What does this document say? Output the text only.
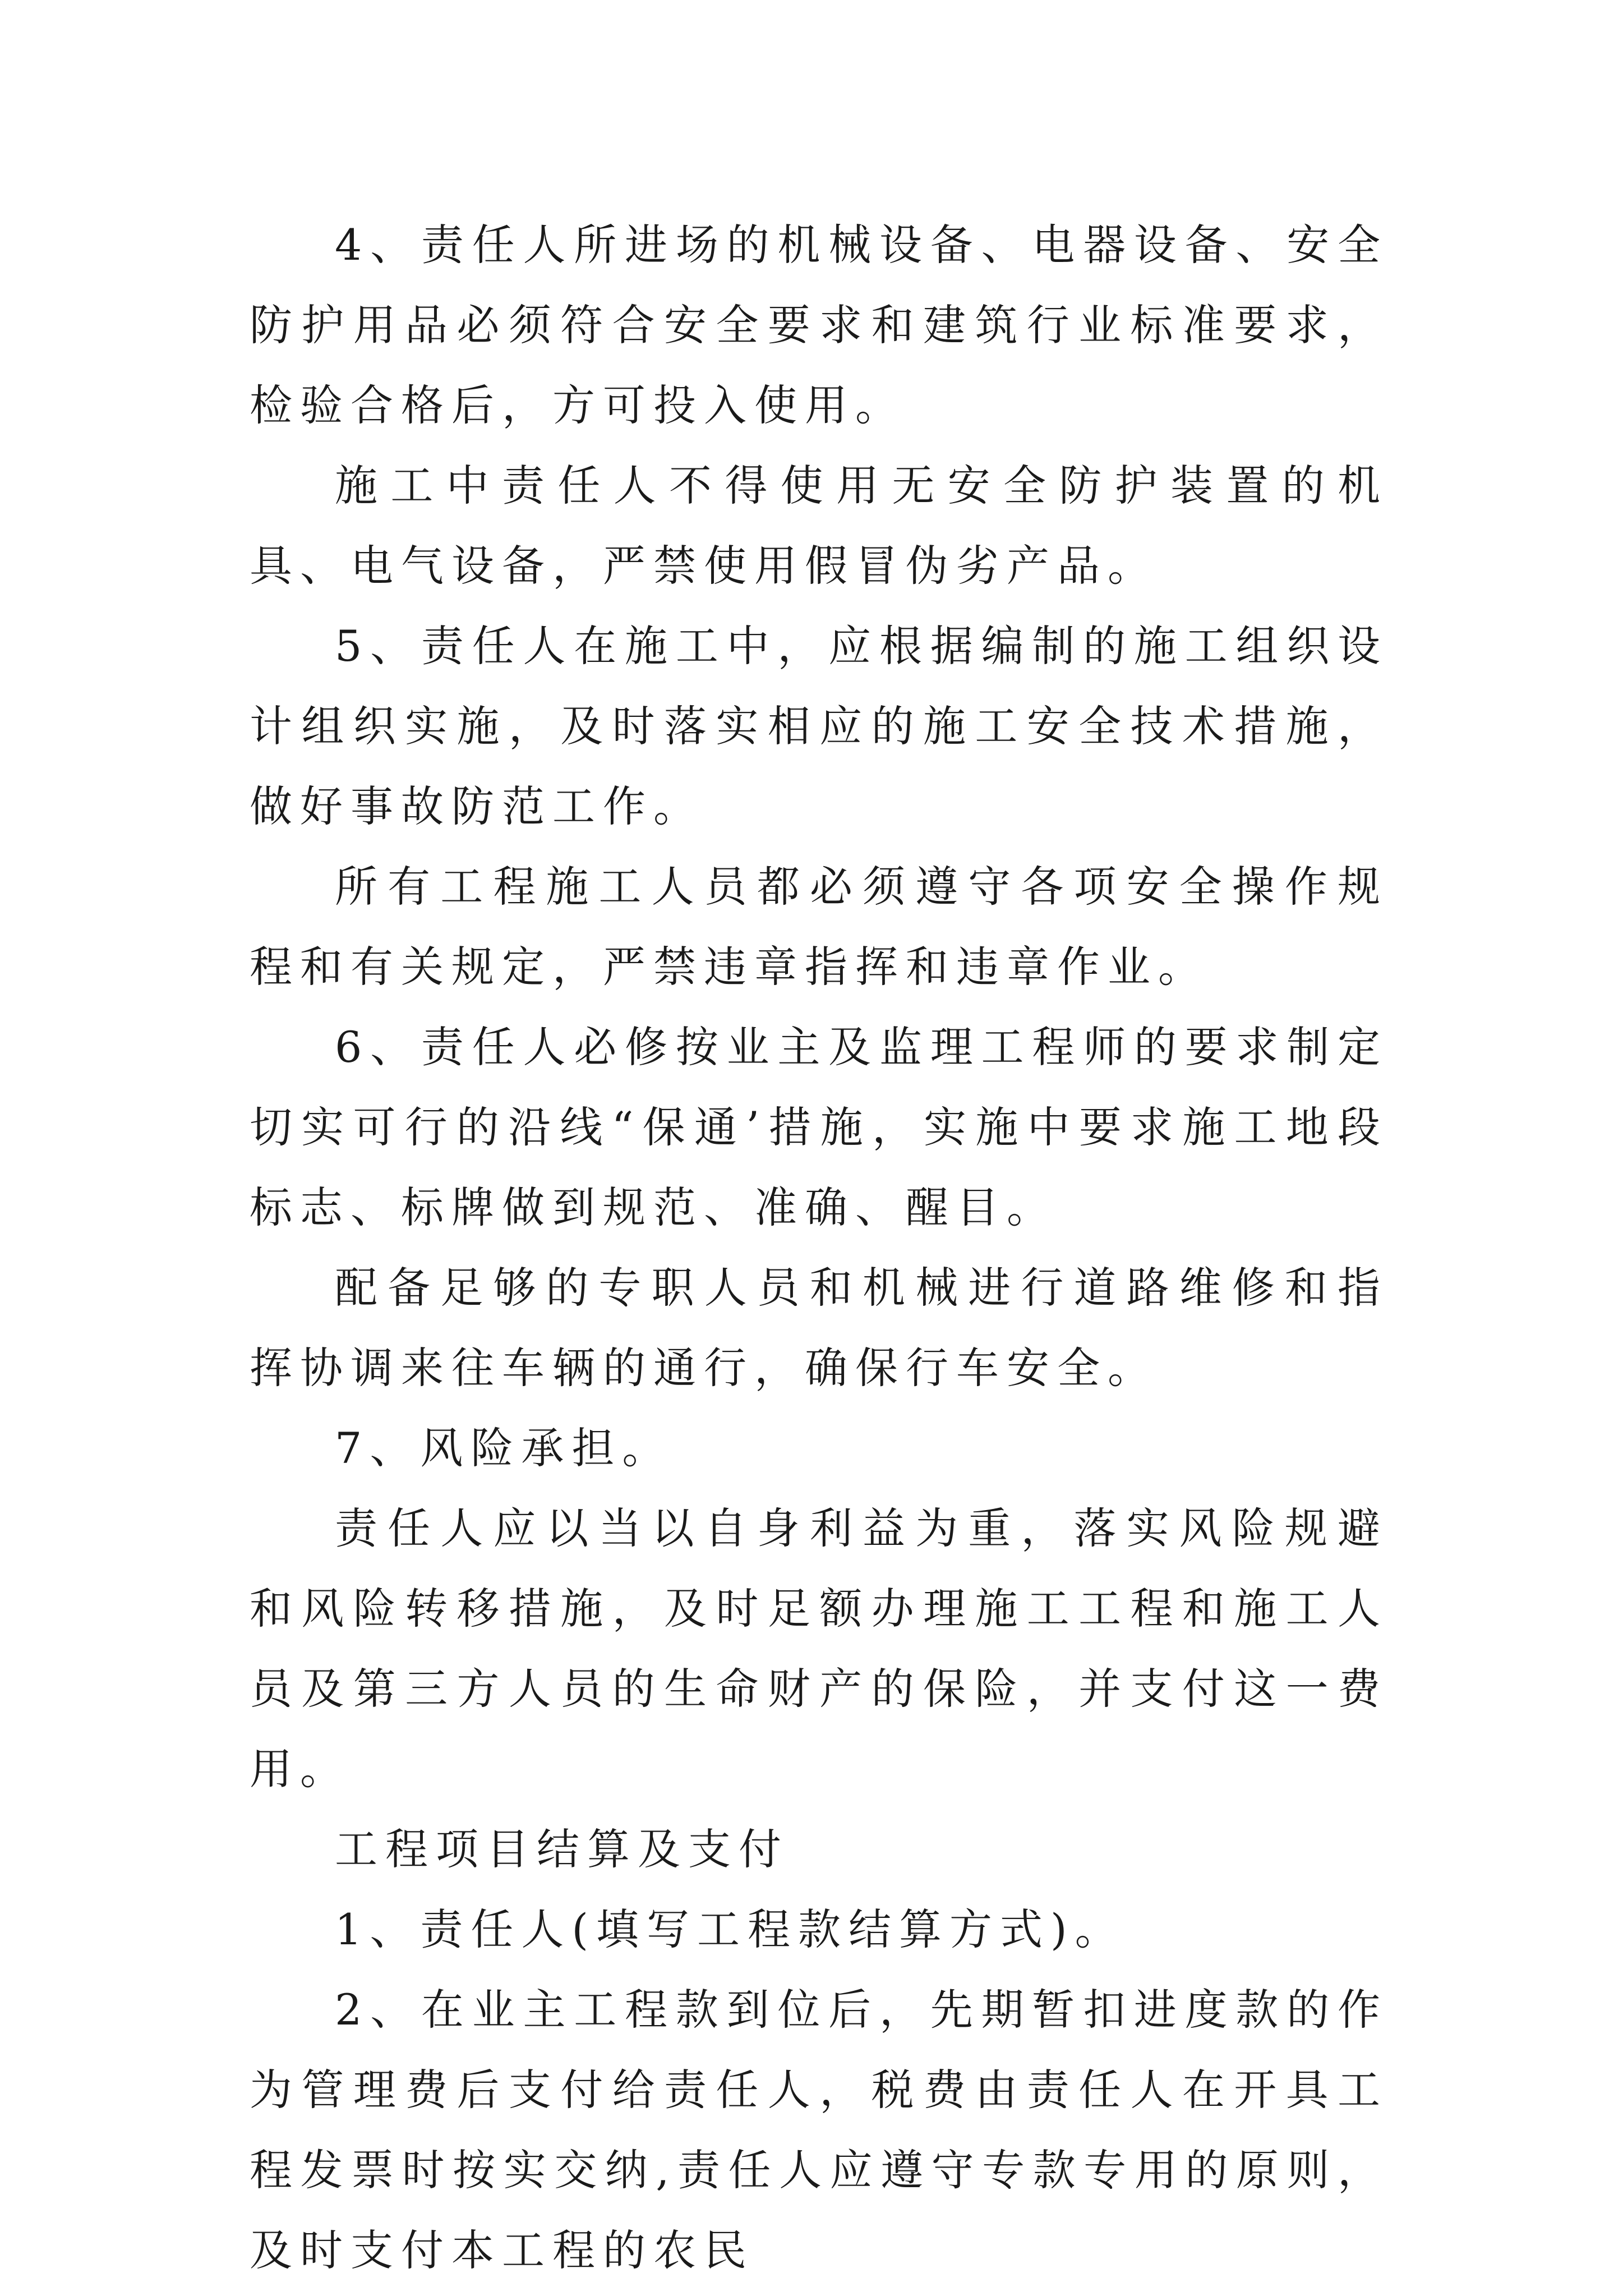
4、责任人所进场的机械设备、电器设备、安全防护用品必须符合安全要求和建筑行业标准要求，检验合格后，方可投入使用。

施工中责任人不得使用无安全防护装置的机具、电气设备，严禁使用假冒伪劣产品。

5、责任人在施工中，应根据编制的施工组织设计组织实施，及时落实相应的施工安全技术措施，做好事故防范工作。

所有工程施工人员都必须遵守各项安全操作规程和有关规定，严禁违章指挥和违章作业。

6、责任人必修按业主及监理工程师的要求制定切实可行的沿线“保通’措施，实施中要求施工地段标志、标牌做到规范、准确、醒目。

配备足够的专职人员和机械进行道路维修和指挥协调来往车辆的通行，确保行车安全。

7、风险承担。

责任人应以当以自身利益为重，落实风险规避和风险转移措施，及时足额办理施工工程和施工人员及第三方人员的生命财产的保险，并支付这一费用。

工程项目结算及支付

1、责任人(填写工程款结算方式)。

2、在业主工程款到位后，先期暂扣进度款的作为管理费后支付给责任人，税费由责任人在开具工程发票时按实交纳,责任人应遵守专款专用的原则，及时支付本工程的农民
